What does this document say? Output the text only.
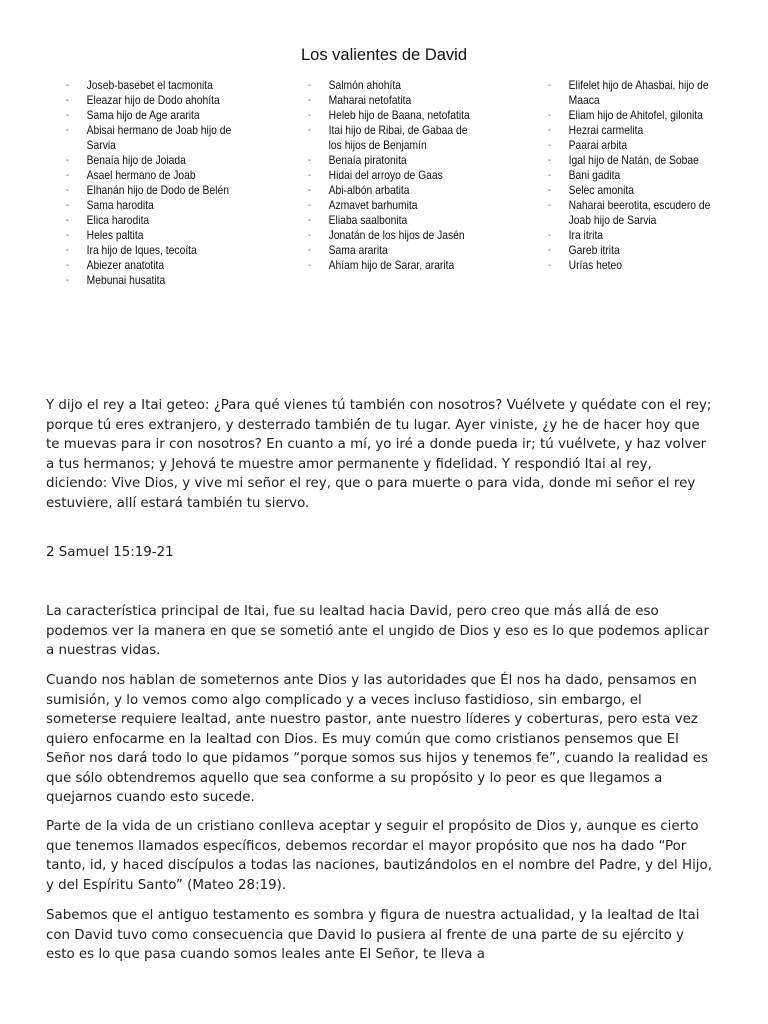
Los valientes de David
-	Joseb-basebet el tacmonita
-	Eleazar hijo de Dodo ahohíta
-	Sama hijo de Age ararita
-	Abisai hermano de Joab hijo de Sarvia
-	Benaía hijo de Joiada
-	Asael hermano de Joab
-	Elhanán hijo de Dodo de Belén
-	Sama harodita
-	Elica harodita
-	Heles paltita
-	Ira hijo de Iques, tecoíta
-	Abiezer anatotita
-	Mebunai husatita
-	Salmón ahohíta
-	Maharai netofatita
-	Heleb hijo de Baana, netofatita
-	Itai hijo de Ribai, de Gabaa de los hijos de Benjamín
-	Benaía piratonita
-	Hidai del arroyo de Gaas
-	Abi-albón arbatita
-	Azmavet barhumita
-	Eliaba saalbonita
-	Jonatán de los hijos de Jasén
-	Sama ararita
-	Ahíam hijo de Sarar, ararita
-	Elifelet hijo de Ahasbai, hijo de Maaca
-	Eliam hijo de Ahitofel, gilonita
-	Hezrai carmelita
-	Paarai arbita
-	Igal hijo de Natán, de Sobae
-	Bani gadita
-	Selec amonita
-	Naharai beerotita, escudero de Joab hijo de Sarvia
-	Ira itrita
-	Gareb itrita
-	Urías heteo

Y dijo el rey a Itai geteo: ¿Para qué vienes tú también con nosotros? Vuélvete y quédate con el rey; porque tú eres extranjero, y desterrado también de tu lugar. Ayer viniste, ¿y he de hacer hoy que te muevas para ir con nosotros? En cuanto a mí, yo iré a donde pueda ir; tú vuélvete, y haz volver a tus hermanos; y Jehová te muestre amor permanente y fidelidad. Y respondió Itai al rey, diciendo: Vive Dios, y vive mi señor el rey, que o para muerte o para vida, donde mi señor el rey estuviere, allí estará también tu siervo.

2 Samuel 15:19-21

La característica principal de Itai, fue su lealtad hacia David, pero creo que más allá de eso podemos ver la manera en que se sometió ante el ungido de Dios y eso es lo que podemos aplicar a nuestras vidas.

Cuando nos hablan de someternos ante Dios y las autoridades que Él nos ha dado, pensamos en sumisión, y lo vemos como algo complicado y a veces incluso fastidioso, sin embargo, el someterse requiere lealtad, ante nuestro pastor, ante nuestro líderes y coberturas, pero esta vez quiero enfocarme en la lealtad con Dios. Es muy común que como cristianos pensemos que El Señor nos dará todo lo que pidamos “porque somos sus hijos y tenemos fe”, cuando la realidad es que sólo obtendremos aquello que sea conforme a su propósito y lo peor es que llegamos a quejarnos cuando esto sucede.

Parte de la vida de un cristiano conlleva aceptar y seguir el propósito de Dios y, aunque es cierto que tenemos llamados específicos, debemos recordar el mayor propósito que nos ha dado “Por tanto, id, y haced discípulos a todas las naciones, bautizándolos en el nombre del Padre, y del Hijo, y del Espíritu Santo” (Mateo 28:19).

Sabemos que el antiguo testamento es sombra y figura de nuestra actualidad, y la lealtad de Itai con David tuvo como consecuencia que David lo pusiera al frente de una parte de su ejército y esto es lo que pasa cuando somos leales ante El Señor, te lleva a
